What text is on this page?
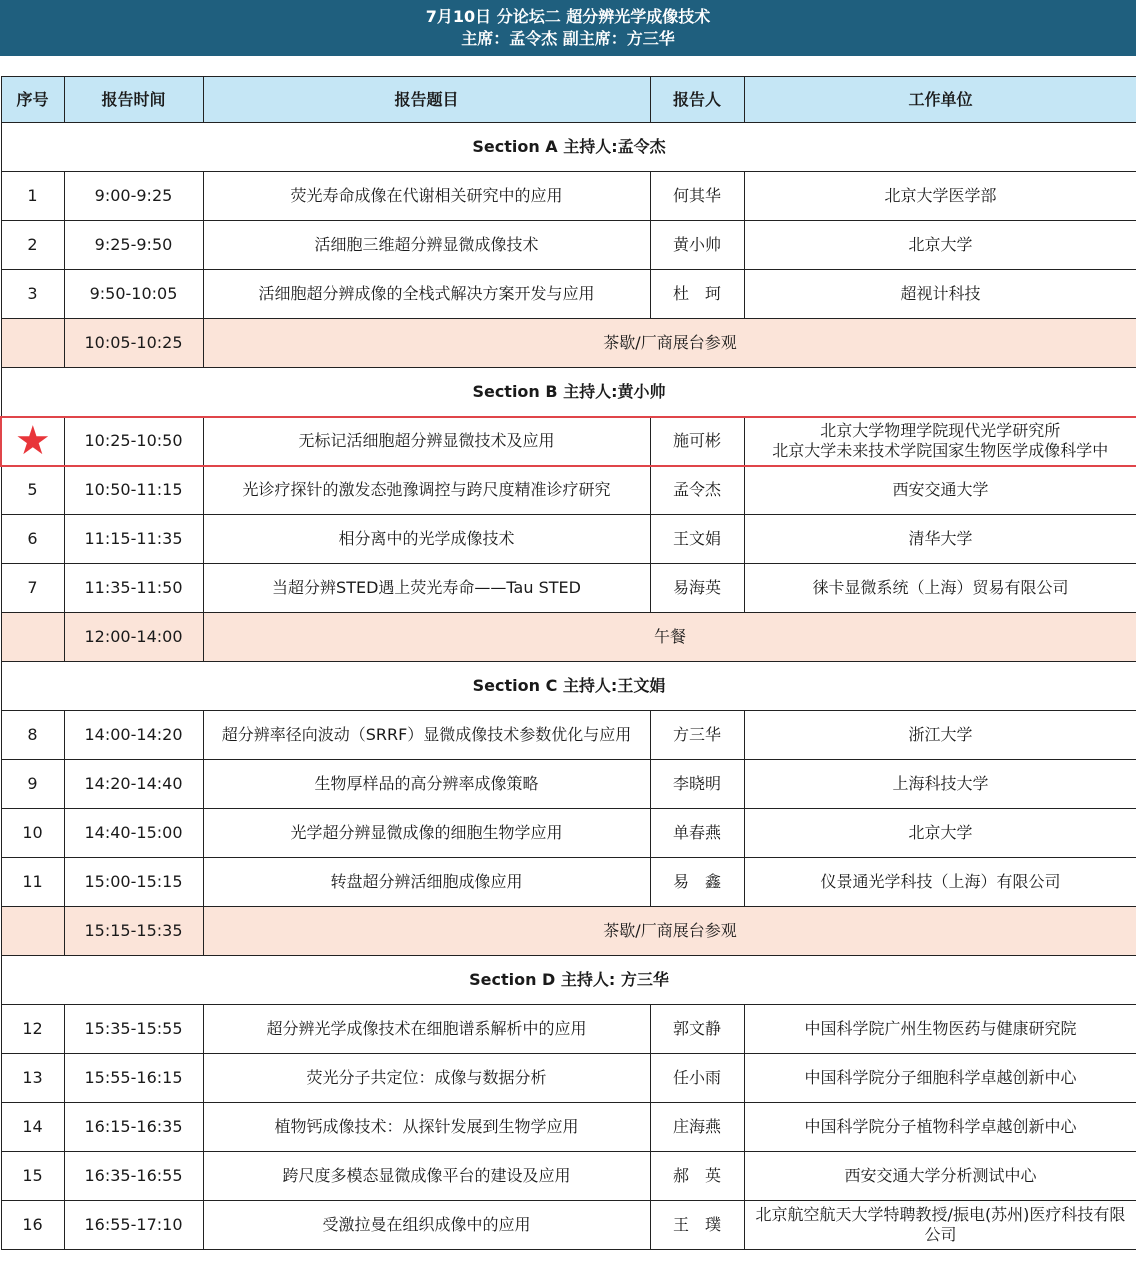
7月10日 分论坛二 超分辨光学成像技术
主席：孟令杰 副主席：方三华
序号	报告时间	报告题目	报告人	工作单位
Section A 主持人:孟令杰				
1	9:00-9:25	荧光寿命成像在代谢相关研究中的应用	何其华	北京大学医学部
2	9:25-9:50	活细胞三维超分辨显微成像技术	黄小帅	北京大学
3	9:50-10:05	活细胞超分辨成像的全栈式解决方案开发与应用	杜　珂	超视计科技
	10:05-10:25	茶歇/厂商展台参观		
Section B 主持人:黄小帅				
★	10:25-10:50	无标记活细胞超分辨显微技术及应用	施可彬	北京大学物理学院现代光学研究所
北京大学未来技术学院国家生物医学成像科学中

5	10:50-11:15	光诊疗探针的激发态弛豫调控与跨尺度精准诊疗研究	孟令杰	西安交通大学
6	11:15-11:35	相分离中的光学成像技术	王文娟	清华大学
7	11:35-11:50	当超分辨STED遇上荧光寿命——Tau STED	易海英	徕卡显微系统（上海）贸易有限公司
	12:00-14:00	午餐		
Section C 主持人:王文娟				
8	14:00-14:20	超分辨率径向波动（SRRF）显微成像技术参数优化与应用	方三华	浙江大学
9	14:20-14:40	生物厚样品的高分辨率成像策略	李晓明	上海科技大学
10	14:40-15:00	光学超分辨显微成像的细胞生物学应用	单春燕	北京大学
11	15:00-15:15	转盘超分辨活细胞成像应用	易　鑫	仪景通光学科技（上海）有限公司
	15:15-15:35	茶歇/厂商展台参观		
Section D 主持人: 方三华				
12	15:35-15:55	超分辨光学成像技术在细胞谱系解析中的应用	郭文静	中国科学院广州生物医药与健康研究院
13	15:55-16:15	荧光分子共定位：成像与数据分析	任小雨	中国科学院分子细胞科学卓越创新中心
14	16:15-16:35	植物钙成像技术：从探针发展到生物学应用	庄海燕	中国科学院分子植物科学卓越创新中心
15	16:35-16:55	跨尺度多模态显微成像平台的建设及应用	郝　英	西安交通大学分析测试中心
16	16:55-17:10	受激拉曼在组织成像中的应用	王　璞	北京航空航天大学特聘教授/振电(苏州)医疗科技有限公司
